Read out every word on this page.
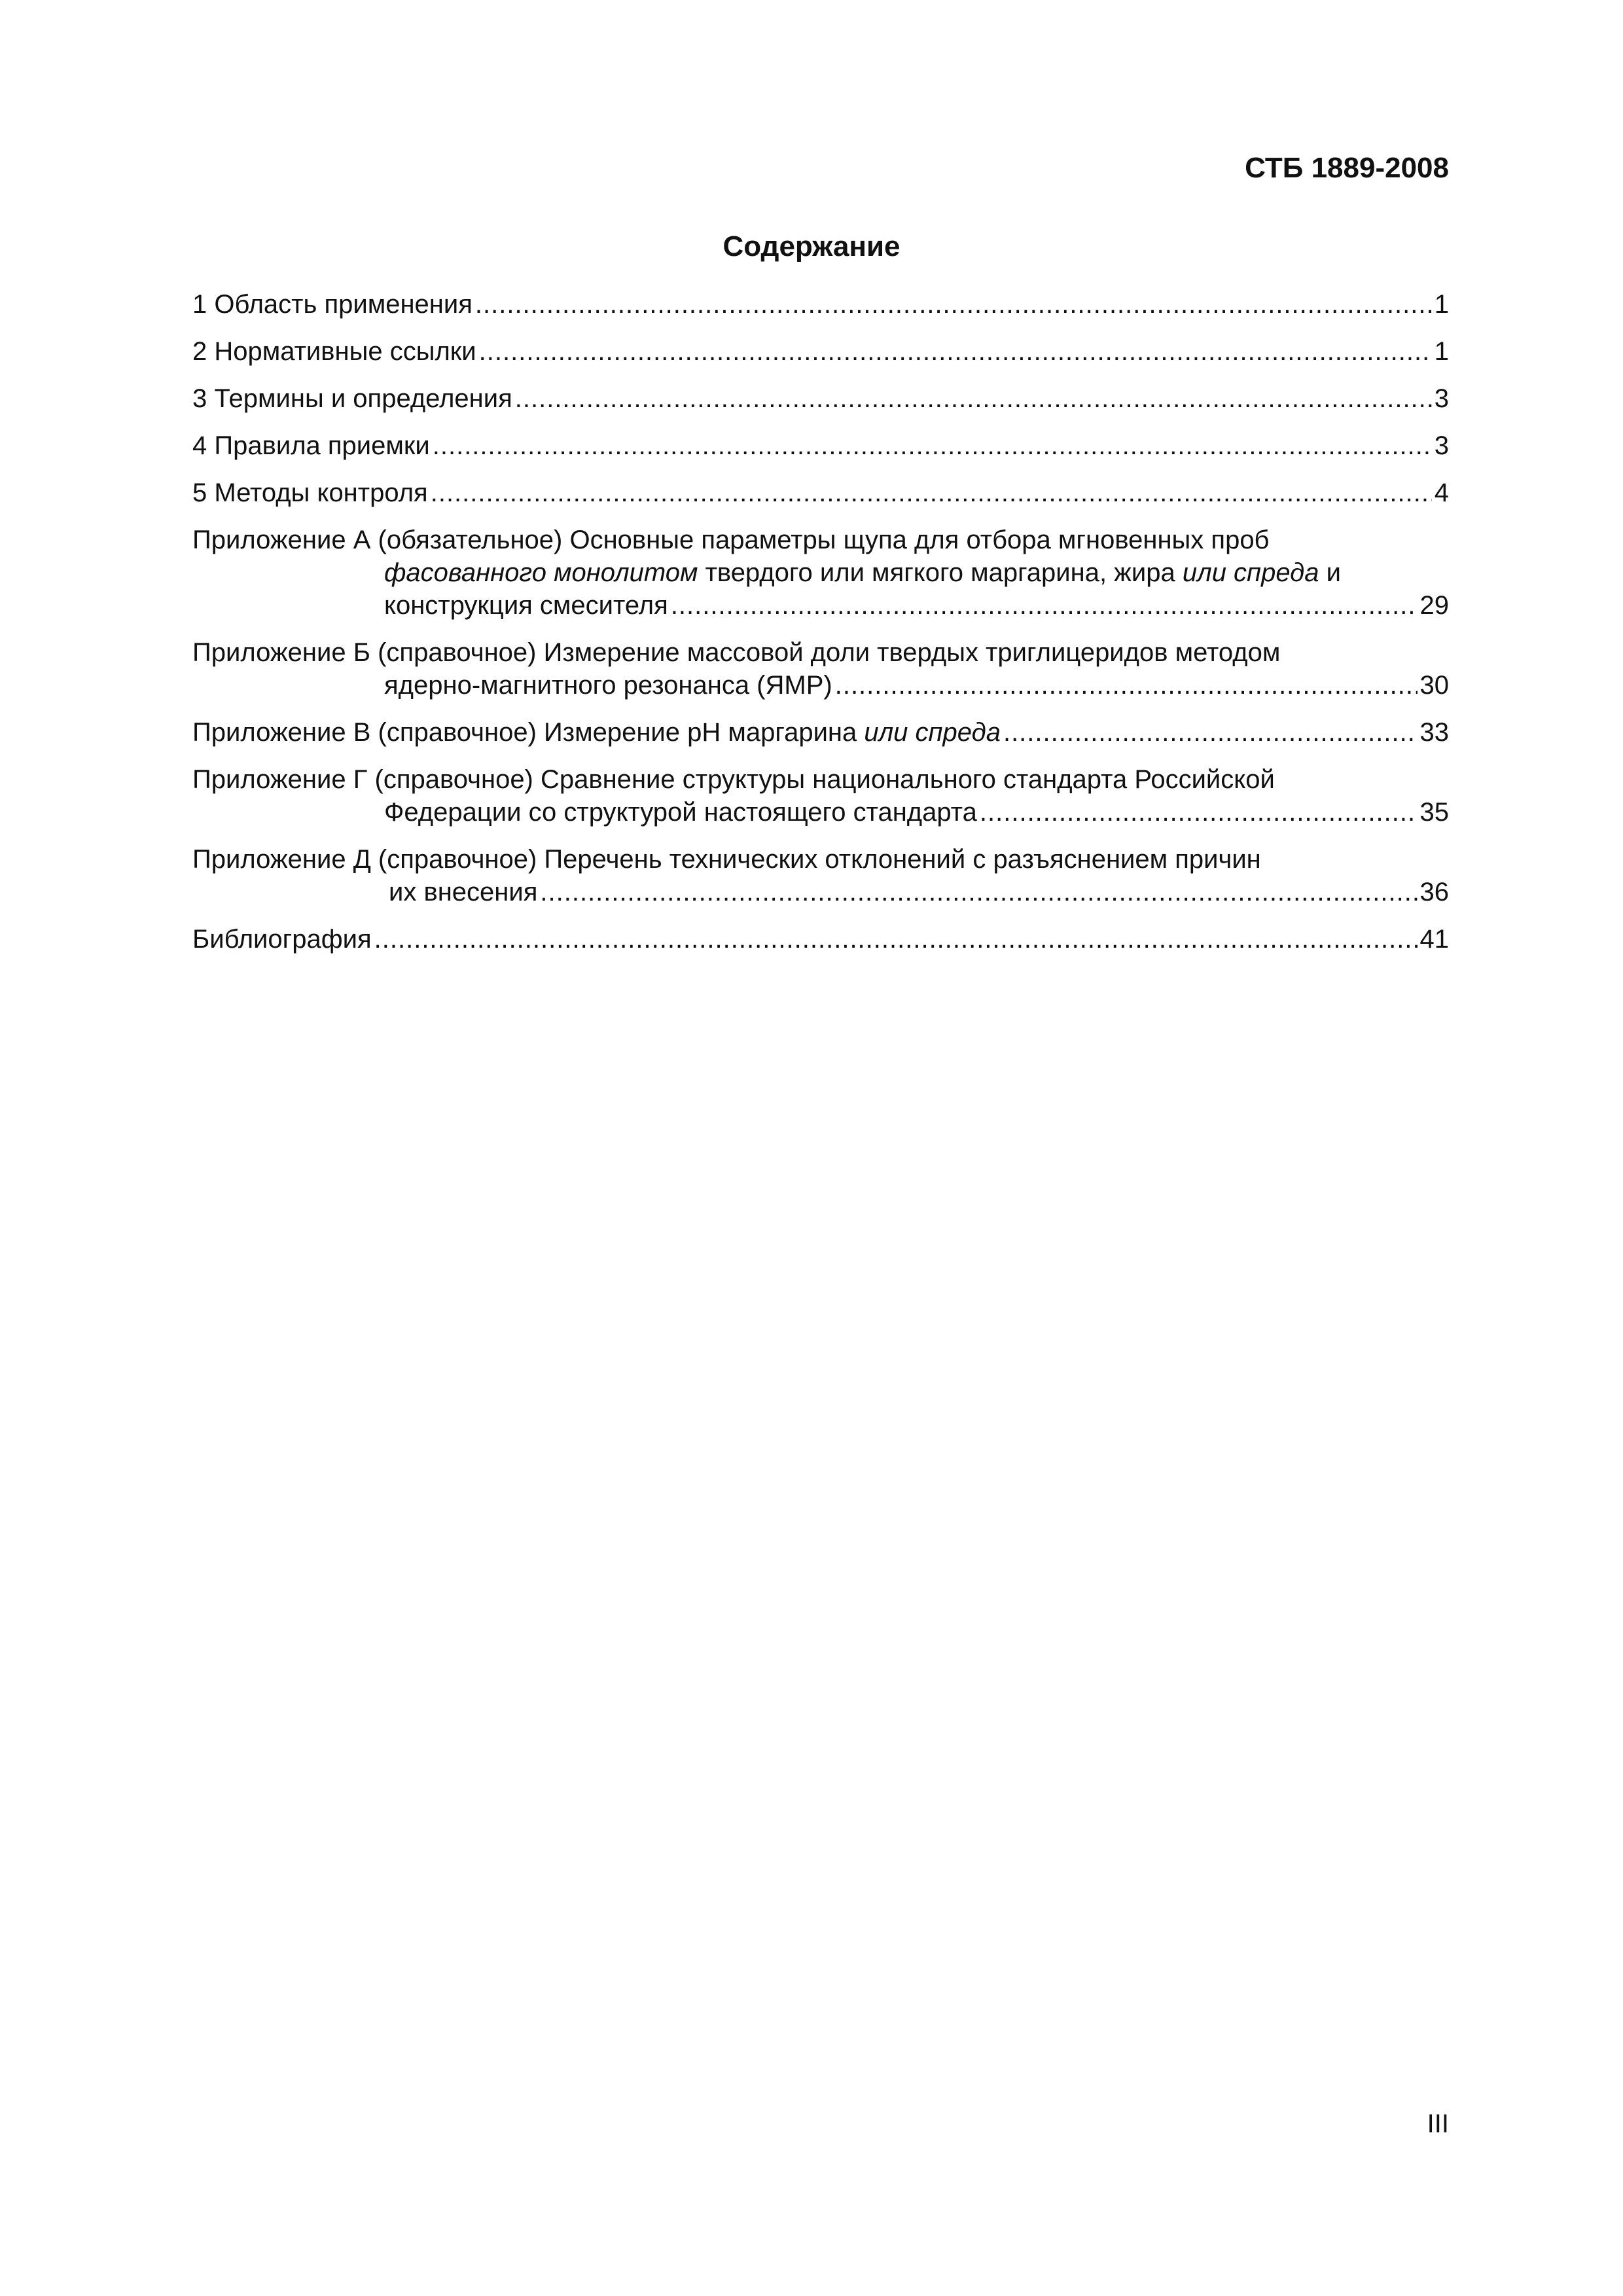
СТБ 1889-2008
Содержание
1 Область применения .....	1
2 Нормативные ссылки .....	1
3 Термины и определения .....	3
4 Правила приемки .....	3
5 Методы контроля .....	4
Приложение А (обязательное) Основные параметры щупа для отбора мгновенных проб
фасованного монолитом твердого или мягкого маргарина, жира или спреда и
конструкция смесителя .....	29
Приложение Б (справочное) Измерение массовой доли твердых триглицеридов методом
ядерно-магнитного резонанса (ЯМР) .....	30
Приложение В (справочное) Измерение рН маргарина или спреда .....	33
Приложение Г (справочное) Сравнение структуры национального стандарта Российской
Федерации со структурой настоящего стандарта .....	35
Приложение Д (справочное) Перечень технических отклонений с разъяснением причин
их внесения .....	36
Библиография .....	41
III
